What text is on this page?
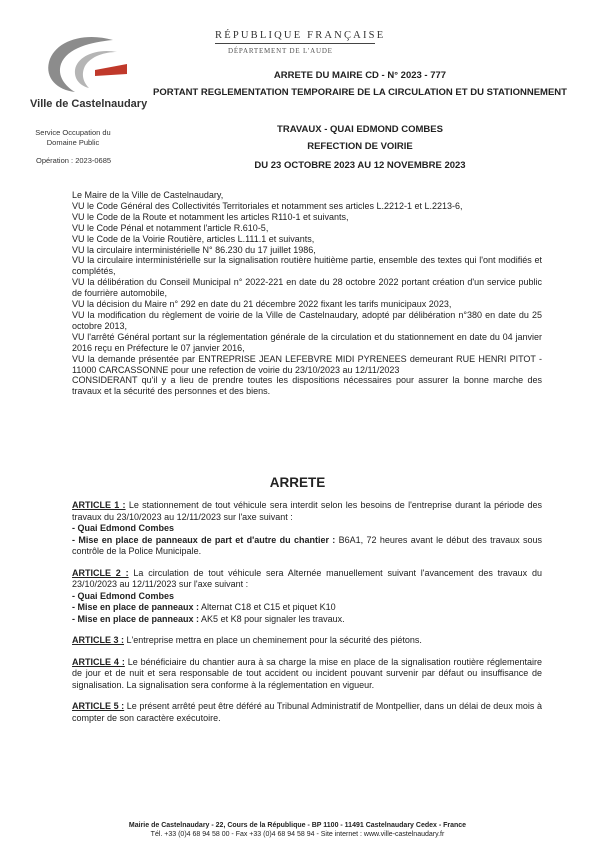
Ville de Castelnaudary
Service Occupation du Domaine Public
Opération : 2023-0685
RÉPUBLIQUE FRANÇAISE
DÉPARTEMENT DE L'AUDE
ARRETE DU MAIRE CD - N° 2023 - 777
PORTANT REGLEMENTATION TEMPORAIRE DE LA CIRCULATION ET DU STATIONNEMENT
TRAVAUX - QUAI EDMOND COMBES
REFECTION DE VOIRIE
DU 23 OCTOBRE 2023 AU 12 NOVEMBRE 2023

Le Maire de la Ville de Castelnaudary,

VU le Code Général des Collectivités Territoriales et notamment ses articles L.2212-1 et L.2213-6,

VU le Code de la Route et notamment les articles R110-1 et suivants,

VU le Code Pénal et notamment l'article R.610-5,

VU le Code de la Voirie Routière, articles L.111.1 et suivants,

VU la circulaire interministérielle N° 86.230 du 17 juillet 1986,

VU la circulaire interministérielle sur la signalisation routière huitième partie, ensemble des textes qui l'ont modifiés et complétés,

VU la délibération du Conseil Municipal n° 2022-221 en date du 28 octobre 2022 portant création d'un service public de fourrière automobile,

VU la décision du Maire n° 292 en date du 21 décembre 2022 fixant les tarifs municipaux 2023,

VU la modification du règlement de voirie de la Ville de Castelnaudary, adopté par délibération n°380 en date du 25 octobre 2013,

VU l'arrêté Général portant sur la réglementation générale de la circulation et du stationnement en date du 04 janvier 2016 reçu en Préfecture le 07 janvier 2016,

VU la demande présentée par ENTREPRISE JEAN LEFEBVRE MIDI PYRENEES demeurant RUE HENRI PITOT - 11000 CARCASSONNE pour une refection de voirie du 23/10/2023 au 12/11/2023

CONSIDERANT qu'il y a lieu de prendre toutes les dispositions nécessaires pour assurer la bonne marche des travaux et la sécurité des personnes et des biens.

ARRETE

ARTICLE 1 : Le stationnement de tout véhicule sera interdit selon les besoins de l'entreprise durant la période des travaux du 23/10/2023 au 12/11/2023 sur l'axe suivant :

- Quai Edmond Combes

- Mise en place de panneaux de part et d'autre du chantier : B6A1, 72 heures avant le début des travaux sous contrôle de la Police Municipale.

ARTICLE 2 : La circulation de tout véhicule sera Alternée manuellement suivant l'avancement des travaux du 23/10/2023 au 12/11/2023 sur l'axe suivant :

- Quai Edmond Combes

- Mise en place de panneaux : Alternat C18 et C15 et piquet K10

- Mise en place de panneaux : AK5 et K8 pour signaler les travaux.

ARTICLE 3 : L'entreprise mettra en place un cheminement pour la sécurité des piétons.

ARTICLE 4 : Le bénéficiaire du chantier aura à sa charge la mise en place de la signalisation routière réglementaire de jour et de nuit et sera responsable de tout accident ou incident pouvant survenir par défaut ou insuffisance de signalisation. La signalisation sera conforme à la réglementation en vigueur.

ARTICLE 5 : Le présent arrêté peut être déféré au Tribunal Administratif de Montpellier, dans un délai de deux mois à compter de son caractère exécutoire.

Mairie de Castelnaudary - 22, Cours de la République - BP 1100 - 11491 Castelnaudary Cedex - France
Tél. +33 (0)4 68 94 58 00 - Fax +33 (0)4 68 94 58 94 - Site internet : www.ville-castelnaudary.fr
